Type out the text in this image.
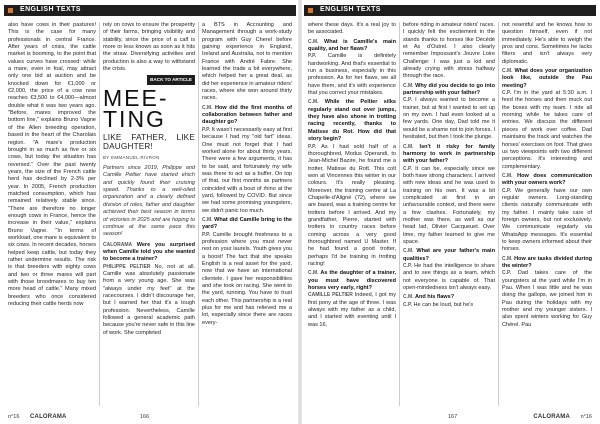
ENGLISH TEXTS

also have cows in their pastures! This is the case for many professionals in central France. After years of crisis, the cattle market is booming, to the point that values curves have crossed: while a mare, even in foal, may attract only one bid at auction and be knocked down for €1,000 or €2,000, the price of a cow now reaches €3,500 to €4,000—almost double what it was two years ago. "Before, mares improved the bottom line," explains Bruno Vagne of the Allen breeding operation, based in the heart of the Charolais region. "A mare's production brought in as much as five or six cows, but today the situation has reversed." Over the past twenty years, the size of the French cattle herd has declined by 2-3% per year. In 2005, French production matched consumption, which has remained relatively stable since. "There are therefore no longer enough cows in France, hence the increase in their value," explains Bruno Vagne. "In terms of workload, one mare is equivalent to six cows. In recent decades, horses helped keep cattle, but today they rather undermine results. The risk is that breeders with eighty cows and two or three mares will part with those broodmares to buy ten more head of cattle." Many mixed breeders who once considered reducing their cattle herds now

rely on cows to ensure the prosperity of their farms, bringing visibility and stability, since the price of a calf is more or less known as soon as it hits the straw. Diversifying activities and production is also a way to withstand the crisis.

BACK TO ARTICLE
MEE-
TING
LIKE FATHER, LIKE DAUGHTER!
BY EMMANUEL RIVRON

Partners since 2019, Philippe and Camille Peltier have started ehich and quickly found their cruising speed. Thanks to a well-oiled organization and a clearly defined division of roles, father and daughter achieved their best season in terms of victories in 2025 and are hoping to continue at the same pace this season!

CALORAMA Were you surprised when Camille told you she wanted to become a trainer?

PHILIPPE PELTIER No, not at all. Camille was absolutely passionate from a very young age. She was "always under my feet" at the racecourses. I didn't discourage her, but I warned her that it's a tough profession. Nevertheless, Camille followed a general academic path because you're never safe in this line of work. She completed

a BTS in Accounting and Management through a work-study program with Guy Cherel before gaining experience in England, Ireland and Australia, not to mention France with André Fabre. She learned the trade a bit everywhere, which helped her a great deal, as did her experience in amateur riders' races, where she won around thirty races.

C.M. How did the first months of collaboration between father and daughter go?

P.P. It wasn't necessarily easy at first because I had my "old fart" ideas. One must not forget that I had worked alone for about thirty years. There were a few arguments, it has to be said, and fortunately my wife was there to act as a buffer. On top of that, our first months as partners coincided with a bout of rhino at the yard, followed by COVID. But since we had some promising youngsters, we didn't panic too much.

C.M. What did Camille bring to the yard?

P.P. Camille brought freshness to a profession where you must never rest on your laurels. Youth gives you a boost! The fact that she speaks English is a real asset for the yard, now that we have an international clientele. I gave her responsibilities and she took on racing. She went to the yard, running. You have to trust each other. This partnership is a real plus for me and has relieved me a lot, especially since there are races every-

n°16 CALORAMA	166
ENGLISH TEXTS

where these days. It's a real joy to be associated.

C.M. What is Camille's main quality, and her flaws?

P.P. Camille is definitely hardworking. And that's essential to run a business, especially in this profession. As for her flaws, we all have them, and it's with experience that you correct your mistakes.

C.M. While the Peltier silks regularly stand out over jumps, they have also shone in trotting racing recently, thanks to Matisse du Rot. How did that story begin?

P.P. As I had sold half of a thoroughbred, Modus Operandi, to Jean-Michel Bazire, he found me a trotter, Matisse du Rott. This colt won at Vincennes this winter in our colours. It's really pleasing. Moreover, the training centre at La Chapelle-d'Aligné (72), where we are based, was a training centre for trotters before I arrived. And my grandfather, Pierre, started with trotters in country races before coming across a very good thoroughbred named U Master. If he had found a good trotter, perhaps I'd be training in trotting racing!

C.M. As the daughter of a trainer, you must have discovered horses very early, right?

CAMILLE PELTIER Indeed, I got my first pony at the age of three. I was always with my father as a child, and I started with eventing until I was 16,

before riding in amateur riders' races. I quickly felt the excitement in the stands thanks to horses like Décédé et As d'Outrel. I also clearly remember Impossant's Jouvre Loire Challenge: I was just a kid and already crying with stress halfway through the race.

C.M. Why did you decide to go into partnership with your father?

C.P. I always wanted to become a trainer, but at first I wanted to set up on my own. I had even looked at a few yards. One day, Dad told me it would be a shame not to join forces. I hesitated, but then I took the plunge.

C.M. Isn't it risky for family harmony to work in partnership with your father?

C.P. It can be, especially since we both have strong characters. I arrived with new ideas and he was used to training on his own. It was a bit complicated at first in an unfavourable context, and there were a few clashes. Fortunately, my mother was there, as well as our head lad, Olivier Cacqueuet. Over time, my father learned to give me space.

C.M. What are your father's main qualities?

C.P. He had the intelligence to share and to see things as a team, which not everyone is capable of. That open-mindedness isn't always easy.

C.M. And his flaws?

C.P. He can be loud, but he's

not resentful and he knows how to question himself, even if not immediately. He's able to weigh the pros and cons. Sometimes he lacks filters and isn't always very diplomatic.

C.M. What does your organization look like, outside the Pau meeting?

C.P. I'm in the yard at 5:30 a.m. I feed the horses and then muck out the boxes with my team. I ride all morning while he takes care of entries. We discuss the different pieces of work over coffee. Dad maintains the track and watches the horses' exercises on foot. That gives us two viewpoints with two different perceptions. It's interesting and complementary.

C.M. How does communication with your owners work?

C.P. We generally have our own regular owners. Long-standing clients naturally communicate with my father. I mainly take care of foreign owners, but not exclusively. We communicate regularly via WhatsApp messages. It's essential to keep owners informed about their horses.

C.M. How are tasks divided during the winter?

C.P. Dad takes care of the youngsters at the yard while I'm in Pau. When I was little and he was doing the gallops, we joined him in Pau during the holidays with my mother and my younger sisters. I also spent winters working for Guy Chérel. Pau

167	CALORAMA n°16
